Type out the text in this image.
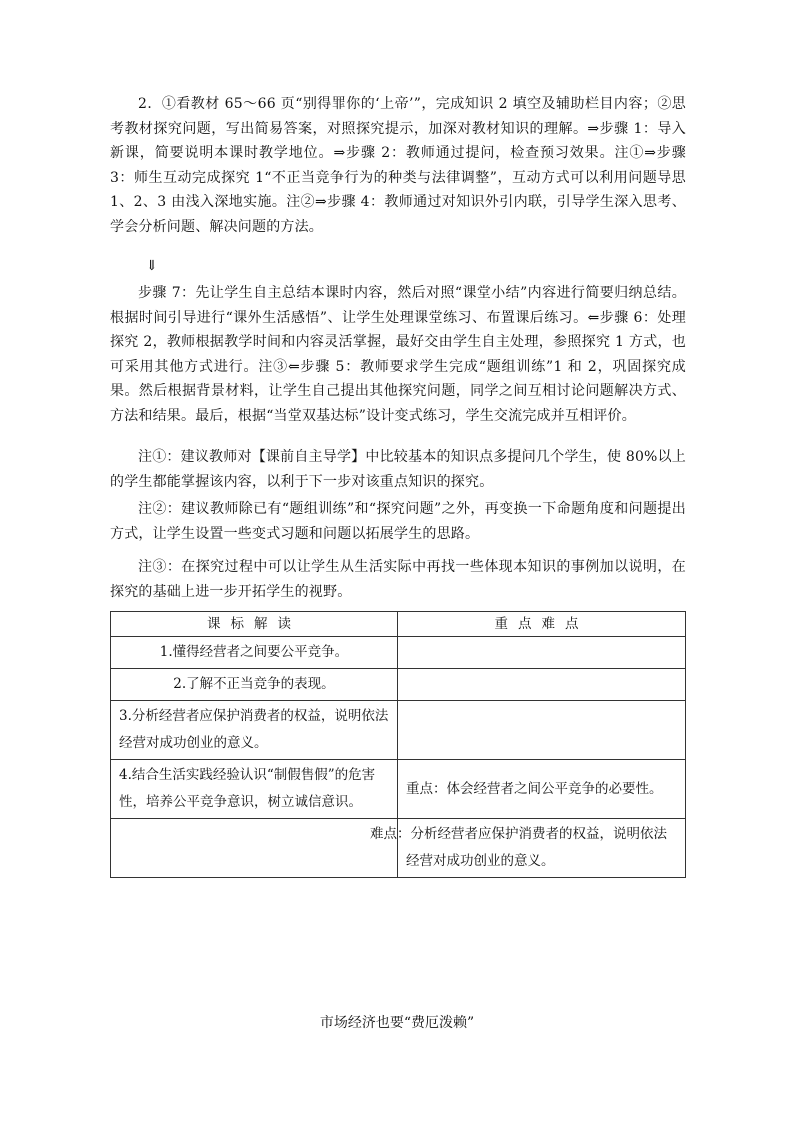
2．①看教材 65～66 页“别得罪你的‘上帝’”，完成知识 2 填空及辅助栏目内容；②思考教材探究问题，写出简易答案，对照探究提示，加深对教材知识的理解。⇒步骤 1：导入新课，简要说明本课时教学地位。⇒步骤 2：教师通过提问，检查预习效果。注①⇒步骤 3：师生互动完成探究 1“不正当竞争行为的种类与法律调整”，互动方式可以利用问题导思 1、2、3 由浅入深地实施。注②⇒步骤 4：教师通过对知识外引内联，引导学生深入思考、学会分析问题、解决问题的方法。

⇓

步骤 7：先让学生自主总结本课时内容，然后对照“课堂小结”内容进行简要归纳总结。根据时间引导进行“课外生活感悟”、让学生处理课堂练习、布置课后练习。⇐步骤 6：处理探究 2，教师根据教学时间和内容灵活掌握，最好交由学生自主处理，参照探究 1 方式，也可采用其他方式进行。注③⇐步骤 5：教师要求学生完成“题组训练”1 和 2，巩固探究成果。然后根据背景材料，让学生自己提出其他探究问题，同学之间互相讨论问题解决方式、方法和结果。最后，根据“当堂双基达标”设计变式练习，学生交流完成并互相评价。

注①：建议教师对【课前自主导学】中比较基本的知识点多提问几个学生，使 80%以上的学生都能掌握该内容，以利于下一步对该重点知识的探究。

注②：建议教师除已有“题组训练”和“探究问题”之外，再变换一下命题角度和问题提出方式，让学生设置一些变式习题和问题以拓展学生的思路。

注③：在探究过程中可以让学生从生活实际中再找一些体现本知识的事例加以说明，在探究的基础上进一步开拓学生的视野。

课标解读	重点难点
1.懂得经营者之间要公平竞争。	
2.了解不正当竞争的表现。	
3.分析经营者应保护消费者的权益，说明依法经营对成功创业的意义。	
4.结合生活实践经验认识“制假售假”的危害性，培养公平竞争意识，树立诚信意识。	重点：体会经营者之间公平竞争的必要性。
	难点：分析经营者应保护消费者的权益，说明依法经营对成功创业的意义。
市场经济也要“费厄泼赖”
